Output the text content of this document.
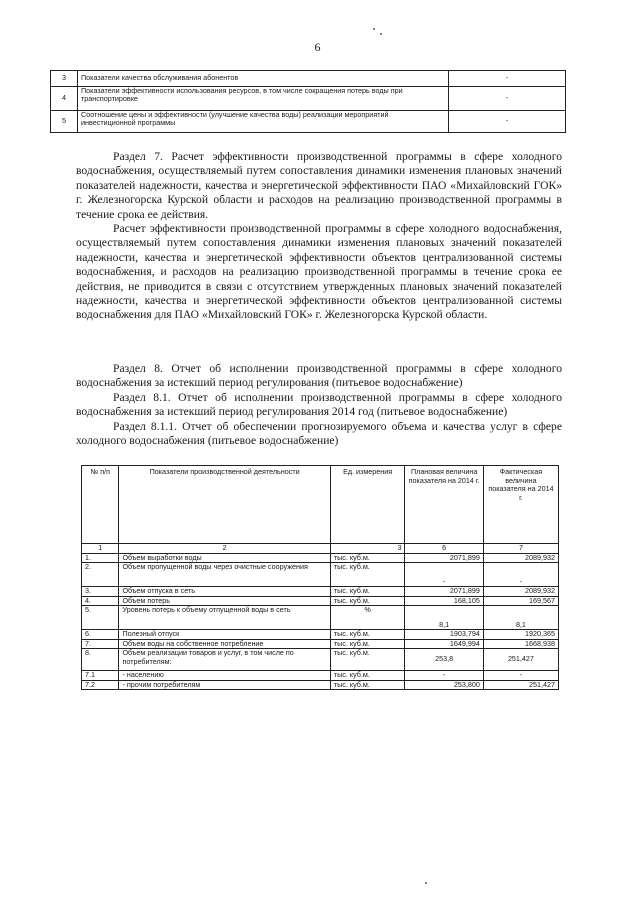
6
3	Показатели качества обслуживания абонентов	-
4	Показатели эффективности использования ресурсов, в том числе сокращения потерь воды при транспортировке	-
5	Соотношение цены и эффективности (улучшение качества воды) реализации мероприятий инвестиционной программы	-

Раздел 7. Расчет эффективности производственной программы в сфере холодного водоснабжения, осуществляемый путем сопоставления динамики изменения плановых значений показателей надежности, качества и энергетической эффективности ПАО «Михайловский ГОК» г. Железногорска Курской области и расходов на реализацию производственной программы в течение срока ее действия.

Расчет эффективности производственной программы в сфере холодного водоснабжения, осуществляемый путем сопоставления динамики изменения плановых значений показателей надежности, качества и энергетической эффективности объектов централизованной системы водоснабжения, и расходов на реализацию производственной программы в течение срока ее действия, не приводится в связи с отсутствием утвержденных плановых значений показателей надежности, качества и энергетической эффективности объектов централизованной системы водоснабжения для ПАО «Михайловский ГОК» г. Железногорска Курской области.

Раздел 8. Отчет об исполнении производственной программы в сфере холодного водоснабжения за истекший период регулирования (питьевое водоснабжение)

Раздел 8.1. Отчет об исполнении производственной программы в сфере холодного водоснабжения за истекший период регулирования 2014 год (питьевое водоснабжение)

Раздел 8.1.1. Отчет об обеспечении прогнозируемого объема и качества услуг в сфере холодного водоснабжения (питьевое водоснабжение)

№ п/п	Показатели производственной деятельности	Ед. измерения	Плановая величина показателя на 2014 г.	Фактическая величина показателя на 2014 г.
1	2	3	6	7
1.	Объем выработки воды	тыс. куб.м.	2071,899	2089,932
2.	Объем пропущенной воды через очистные сооружения	тыс. куб.м.	-	-
3.	Объем отпуска в сеть	тыс. куб.м.	2071,899	2089,932
4.	Объем потерь	тыс. куб.м.	168,105	169,567
5.	Уровень потерь к объему отпущенной воды в сеть	%	8,1	8,1
6.	Полезный отпуск	тыс. куб.м.	1903,794	1920,365
7.	Объем воды на собственное потребление	тыс. куб.м.	1649,994	1668,938
8.	Объем реализации товаров и услуг, в том числе по потребителям:	тыс. куб.м.	253,8	251,427
7.1	- населению	тыс. куб.м.	-	-
7.2	- прочим потребителям	тыс. куб.м.	253,800	251,427
